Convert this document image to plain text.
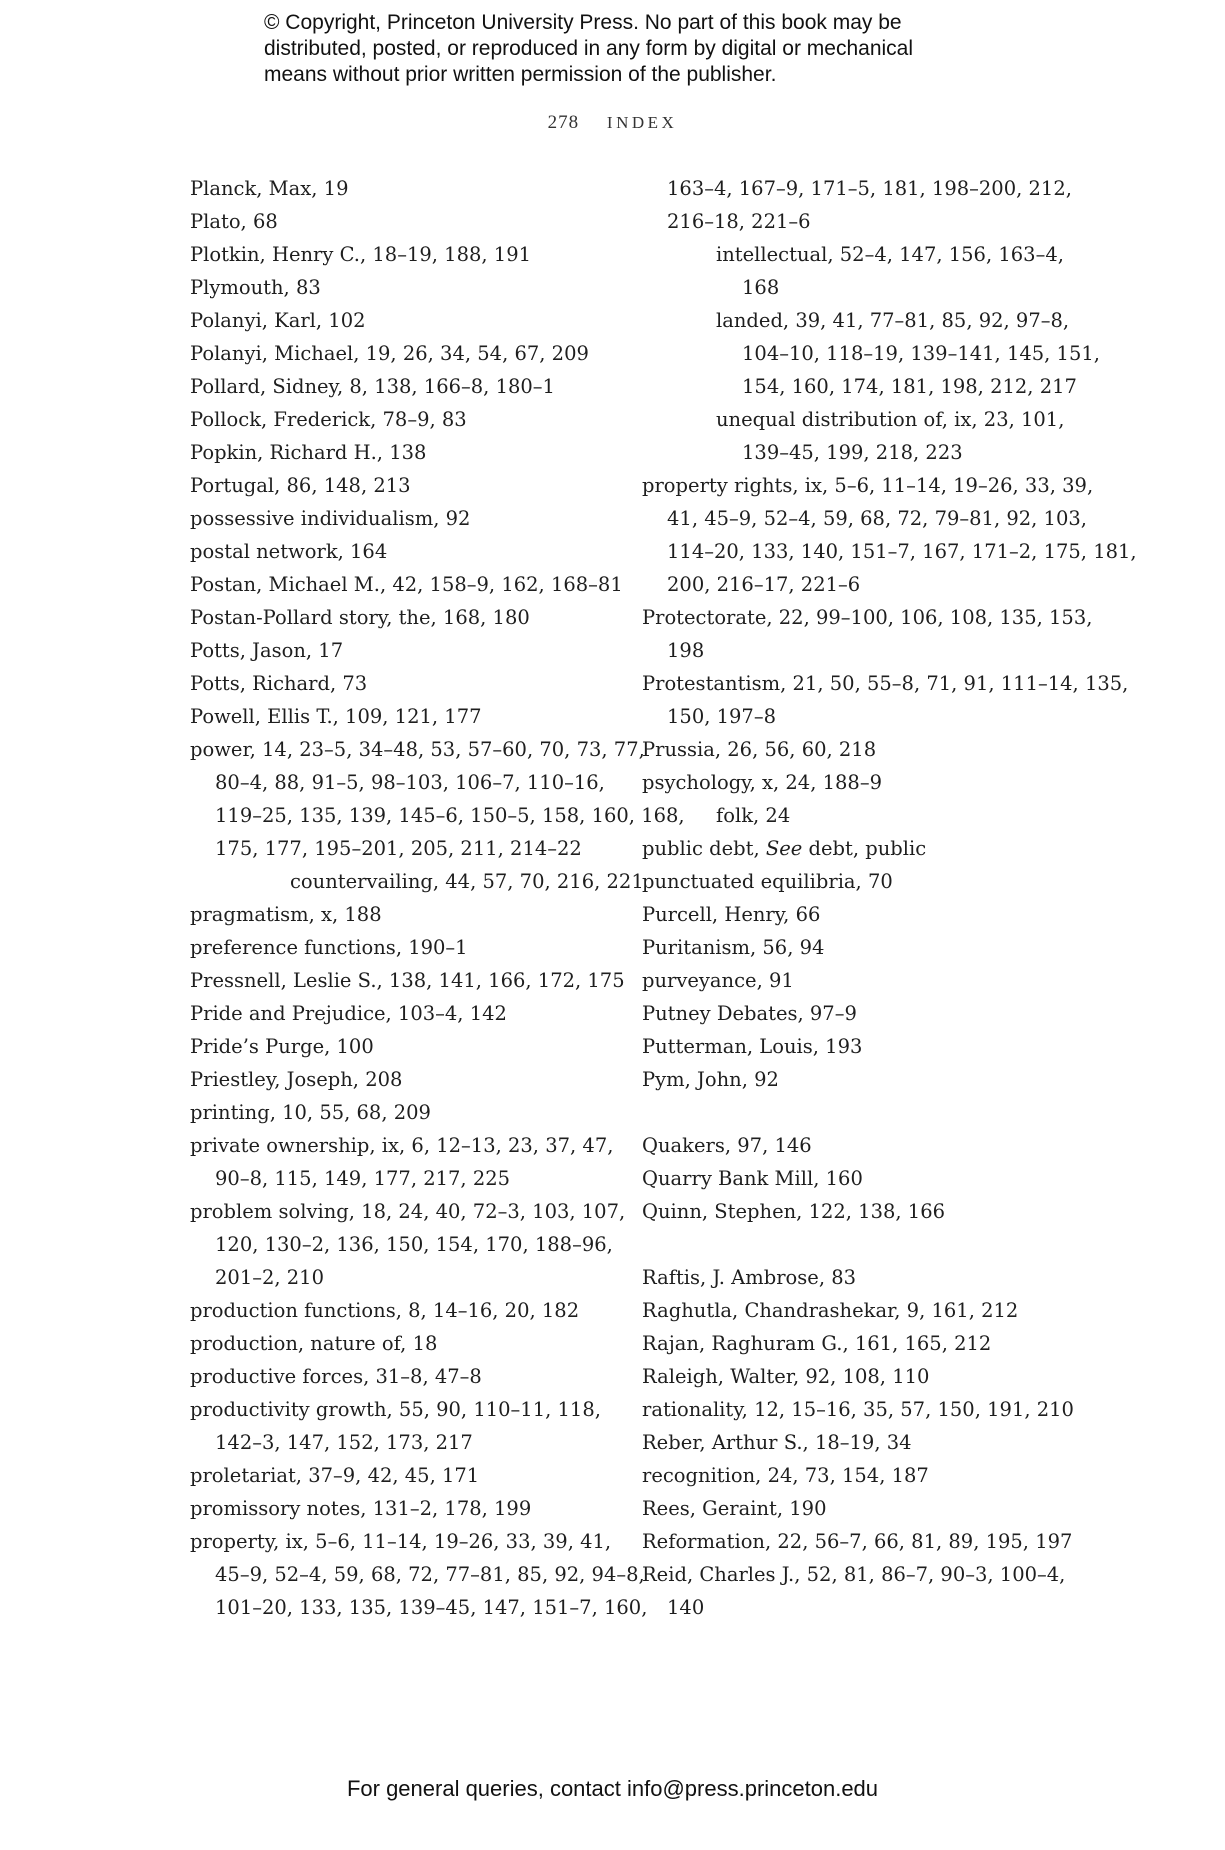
© Copyright, Princeton University Press. No part of this book may be
distributed, posted, or reproduced in any form by digital or mechanical
means without prior written permission of the publisher.
278 INDEX
Planck, Max, 19
Plato, 68
Plotkin, Henry C., 18–19, 188, 191
Plymouth, 83
Polanyi, Karl, 102
Polanyi, Michael, 19, 26, 34, 54, 67, 209
Pollard, Sidney, 8, 138, 166–8, 180–1
Pollock, Frederick, 78–9, 83
Popkin, Richard H., 138
Portugal, 86, 148, 213
possessive individualism, 92
postal network, 164
Postan, Michael M., 42, 158–9, 162, 168–81
Postan-Pollard story, the, 168, 180
Potts, Jason, 17
Potts, Richard, 73
Powell, Ellis T., 109, 121, 177
power, 14, 23–5, 34–48, 53, 57–60, 70, 73, 77,
80–4, 88, 91–5, 98–103, 106–7, 110–16,
119–25, 135, 139, 145–6, 150–5, 158, 160, 168,
175, 177, 195–201, 205, 211, 214–22
countervailing, 44, 57, 70, 216, 221
pragmatism, x, 188
preference functions, 190–1
Pressnell, Leslie S., 138, 141, 166, 172, 175
Pride and Prejudice, 103–4, 142
Pride’s Purge, 100
Priestley, Joseph, 208
printing, 10, 55, 68, 209
private ownership, ix, 6, 12–13, 23, 37, 47,
90–8, 115, 149, 177, 217, 225
problem solving, 18, 24, 40, 72–3, 103, 107,
120, 130–2, 136, 150, 154, 170, 188–96,
201–2, 210
production functions, 8, 14–16, 20, 182
production, nature of, 18
productive forces, 31–8, 47–8
productivity growth, 55, 90, 110–11, 118,
142–3, 147, 152, 173, 217
proletariat, 37–9, 42, 45, 171
promissory notes, 131–2, 178, 199
property, ix, 5–6, 11–14, 19–26, 33, 39, 41,
45–9, 52–4, 59, 68, 72, 77–81, 85, 92, 94–8,
101–20, 133, 135, 139–45, 147, 151–7, 160,
163–4, 167–9, 171–5, 181, 198–200, 212,
216–18, 221–6
intellectual, 52–4, 147, 156, 163–4,
168
landed, 39, 41, 77–81, 85, 92, 97–8,
104–10, 118–19, 139–141, 145, 151,
154, 160, 174, 181, 198, 212, 217
unequal distribution of, ix, 23, 101,
139–45, 199, 218, 223
property rights, ix, 5–6, 11–14, 19–26, 33, 39,
41, 45–9, 52–4, 59, 68, 72, 79–81, 92, 103,
114–20, 133, 140, 151–7, 167, 171–2, 175, 181,
200, 216–17, 221–6
Protectorate, 22, 99–100, 106, 108, 135, 153,
198
Protestantism, 21, 50, 55–8, 71, 91, 111–14, 135,
150, 197–8
Prussia, 26, 56, 60, 218
psychology, x, 24, 188–9
folk, 24
public debt, See debt, public
punctuated equilibria, 70
Purcell, Henry, 66
Puritanism, 56, 94
purveyance, 91
Putney Debates, 97–9
Putterman, Louis, 193
Pym, John, 92
Quakers, 97, 146
Quarry Bank Mill, 160
Quinn, Stephen, 122, 138, 166
Raftis, J. Ambrose, 83
Raghutla, Chandrashekar, 9, 161, 212
Rajan, Raghuram G., 161, 165, 212
Raleigh, Walter, 92, 108, 110
rationality, 12, 15–16, 35, 57, 150, 191, 210
Reber, Arthur S., 18–19, 34
recognition, 24, 73, 154, 187
Rees, Geraint, 190
Reformation, 22, 56–7, 66, 81, 89, 195, 197
Reid, Charles J., 52, 81, 86–7, 90–3, 100–4,
140
For general queries, contact info@press.princeton.edu
